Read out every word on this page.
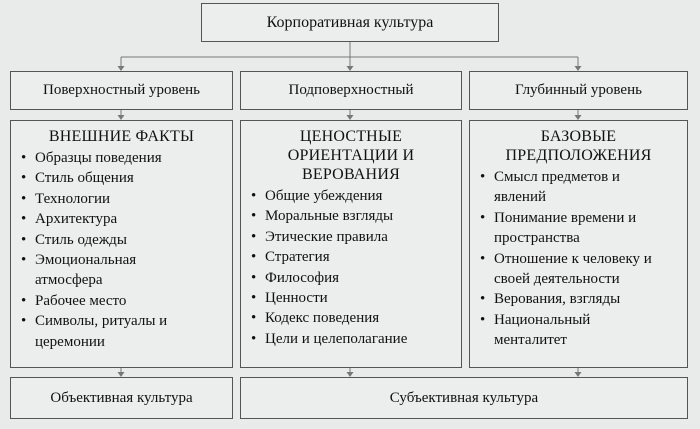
Корпоративная культура
Поверхностный уровень	Подповерхностный	Глубинный уровень
ВНЕШНИЕ ФАКТЫ
• Образцы поведения
• Стиль общения
• Технологии
• Архитектура
• Стиль одежды
• Эмоциональная атмосфера
• Рабочее место
• Символы, ритуалы и церемонии
ЦЕНОСТНЫЕ ОРИЕНТАЦИИ И ВЕРОВАНИЯ
• Общие убеждения
• Моральные взгляды
• Этические правила
• Стратегия
• Философия
• Ценности
• Кодекс поведения
• Цели и целеполагание
БАЗОВЫЕ ПРЕДПОЛОЖЕНИЯ
• Смысл предметов и явлений
• Понимание времени и пространства
• Отношение к человеку и своей деятельности
• Верования, взгляды
• Национальный менталитет
Объективная культура	Субъективная культура
